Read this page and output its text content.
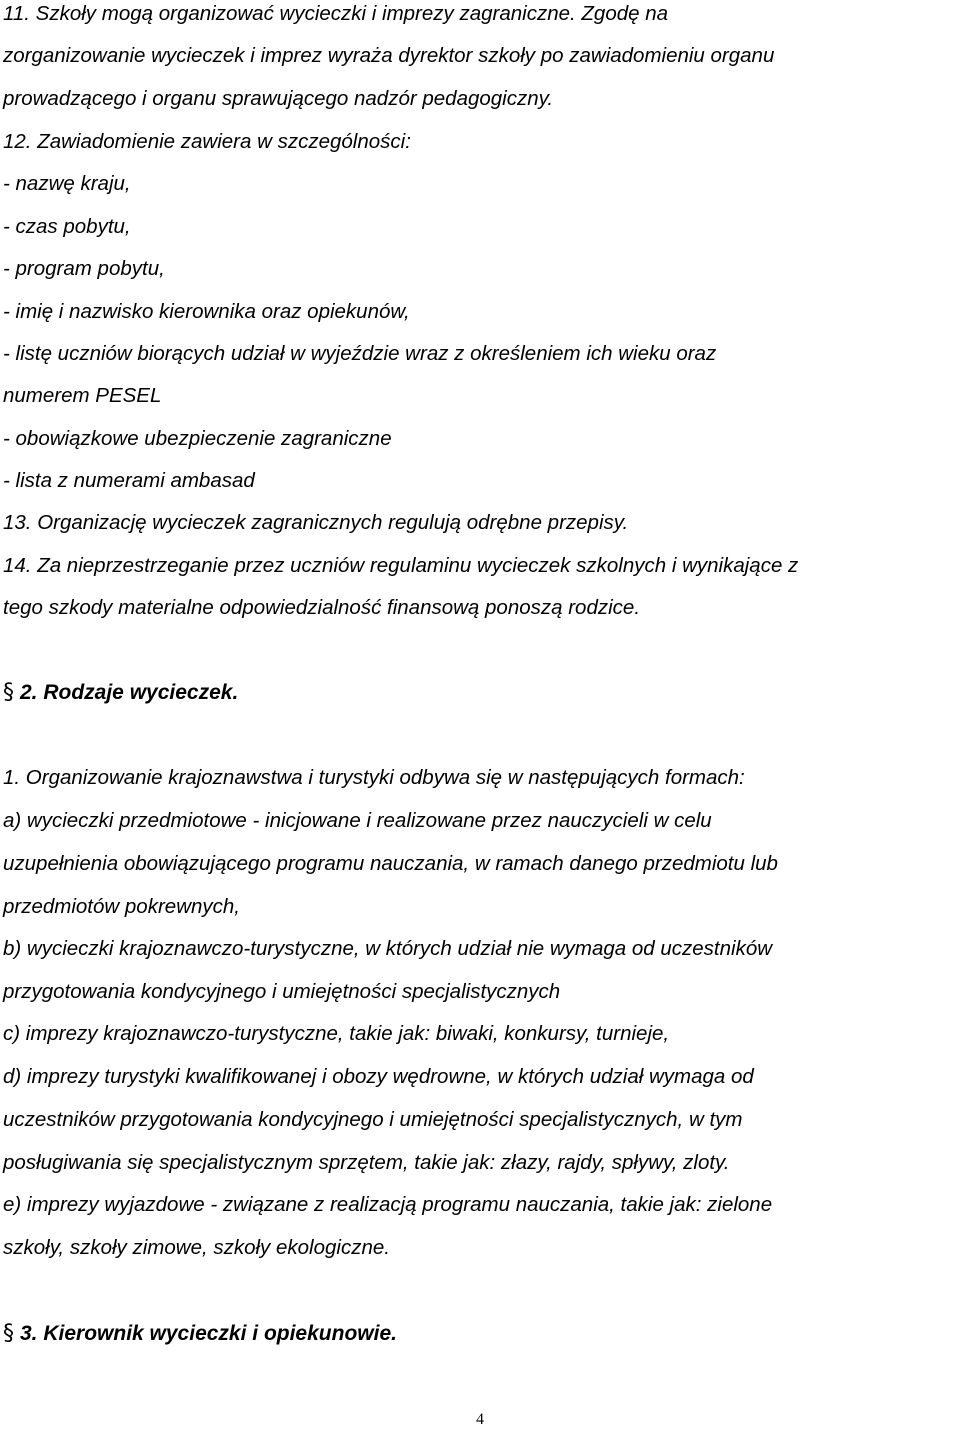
11. Szkoły mogą organizować wycieczki i imprezy zagraniczne. Zgodę na

zorganizowanie wycieczek i imprez wyraża dyrektor szkoły po zawiadomieniu organu

prowadzącego i organu sprawującego nadzór pedagogiczny.

12. Zawiadomienie zawiera w szczególności:

- nazwę kraju,

- czas pobytu,

- program pobytu,

- imię i nazwisko kierownika oraz opiekunów,

- listę uczniów biorących udział w wyjeździe wraz z określeniem ich wieku oraz

numerem PESEL

- obowiązkowe ubezpieczenie zagraniczne

- lista z numerami ambasad

13. Organizację wycieczek zagranicznych regulują odrębne przepisy.

14. Za nieprzestrzeganie przez uczniów regulaminu wycieczek szkolnych i wynikające z

tego szkody materialne odpowiedzialność finansową ponoszą rodzice.

§ 2. Rodzaje wycieczek.

1. Organizowanie krajoznawstwa i turystyki odbywa się w następujących formach:

a) wycieczki przedmiotowe - inicjowane i realizowane przez nauczycieli w celu

uzupełnienia obowiązującego programu nauczania, w ramach danego przedmiotu lub

przedmiotów pokrewnych,

b) wycieczki krajoznawczo-turystyczne, w których udział nie wymaga od uczestników

przygotowania kondycyjnego i umiejętności specjalistycznych

c) imprezy krajoznawczo-turystyczne, takie jak: biwaki, konkursy, turnieje,

d) imprezy turystyki kwalifikowanej i obozy wędrowne, w których udział wymaga od

uczestników przygotowania kondycyjnego i umiejętności specjalistycznych, w tym

posługiwania się specjalistycznym sprzętem, takie jak: złazy, rajdy, spływy, zloty.

e) imprezy wyjazdowe - związane z realizacją programu nauczania, takie jak: zielone

szkoły, szkoły zimowe, szkoły ekologiczne.

§ 3. Kierownik wycieczki i opiekunowie.
4
